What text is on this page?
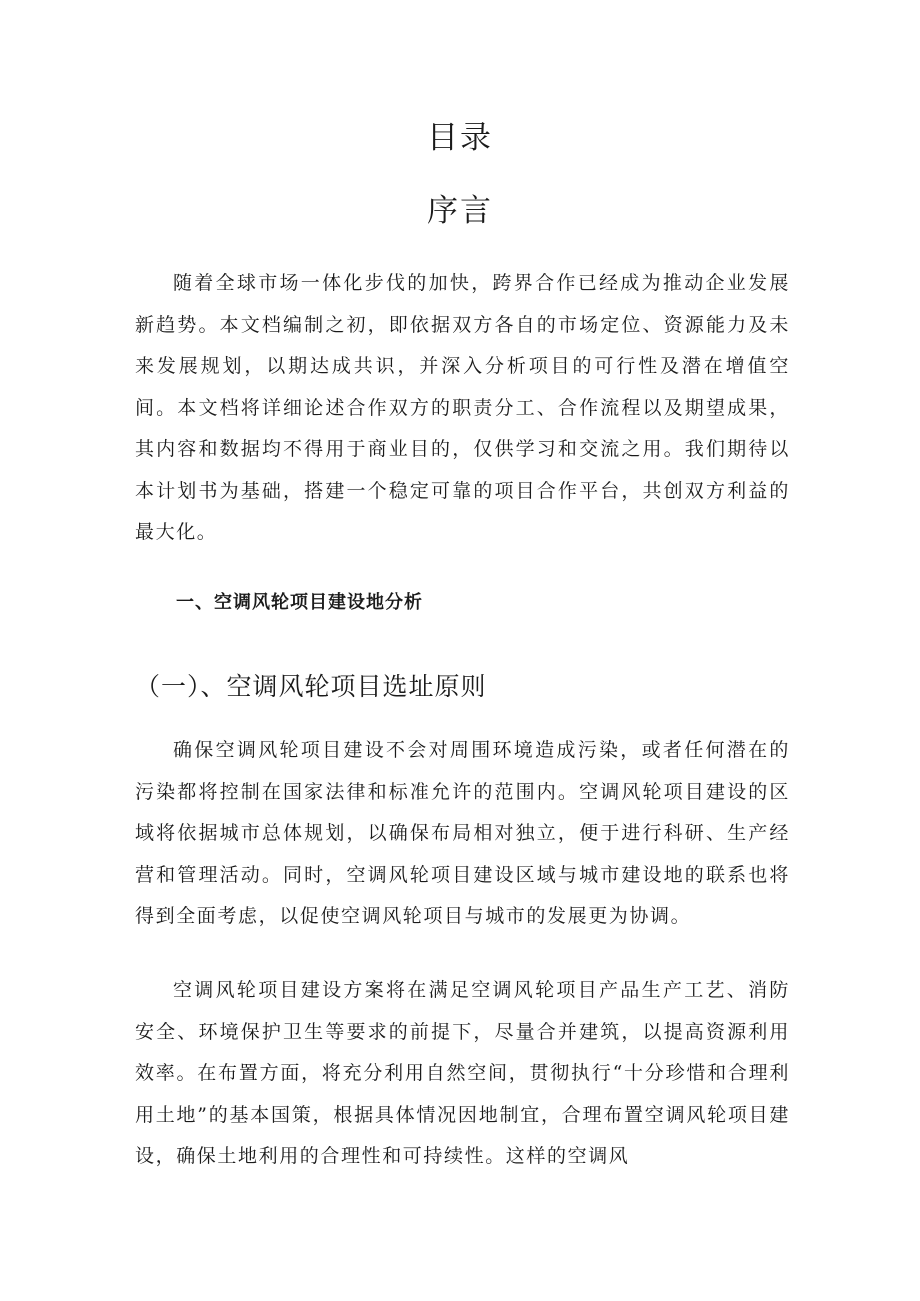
目录
序言

随着全球市场一体化步伐的加快，跨界合作已经成为推动企业发展新趋势。本文档编制之初，即依据双方各自的市场定位、资源能力及未来发展规划，以期达成共识，并深入分析项目的可行性及潜在增值空间。本文档将详细论述合作双方的职责分工、合作流程以及期望成果，其内容和数据均不得用于商业目的，仅供学习和交流之用。我们期待以本计划书为基础，搭建一个稳定可靠的项目合作平台，共创双方利益的最大化。

一、空调风轮项目建设地分析
（一）、空调风轮项目选址原则

确保空调风轮项目建设不会对周围环境造成污染，或者任何潜在的污染都将控制在国家法律和标准允许的范围内。空调风轮项目建设的区域将依据城市总体规划，以确保布局相对独立，便于进行科研、生产经营和管理活动。同时，空调风轮项目建设区域与城市建设地的联系也将得到全面考虑，以促使空调风轮项目与城市的发展更为协调。

空调风轮项目建设方案将在满足空调风轮项目产品生产工艺、消防安全、环境保护卫生等要求的前提下，尽量合并建筑，以提高资源利用效率。在布置方面，将充分利用自然空间，贯彻执行“十分珍惜和合理利用土地”的基本国策，根据具体情况因地制宜，合理布置空调风轮项目建设，确保土地利用的合理性和可持续性。这样的空调风
